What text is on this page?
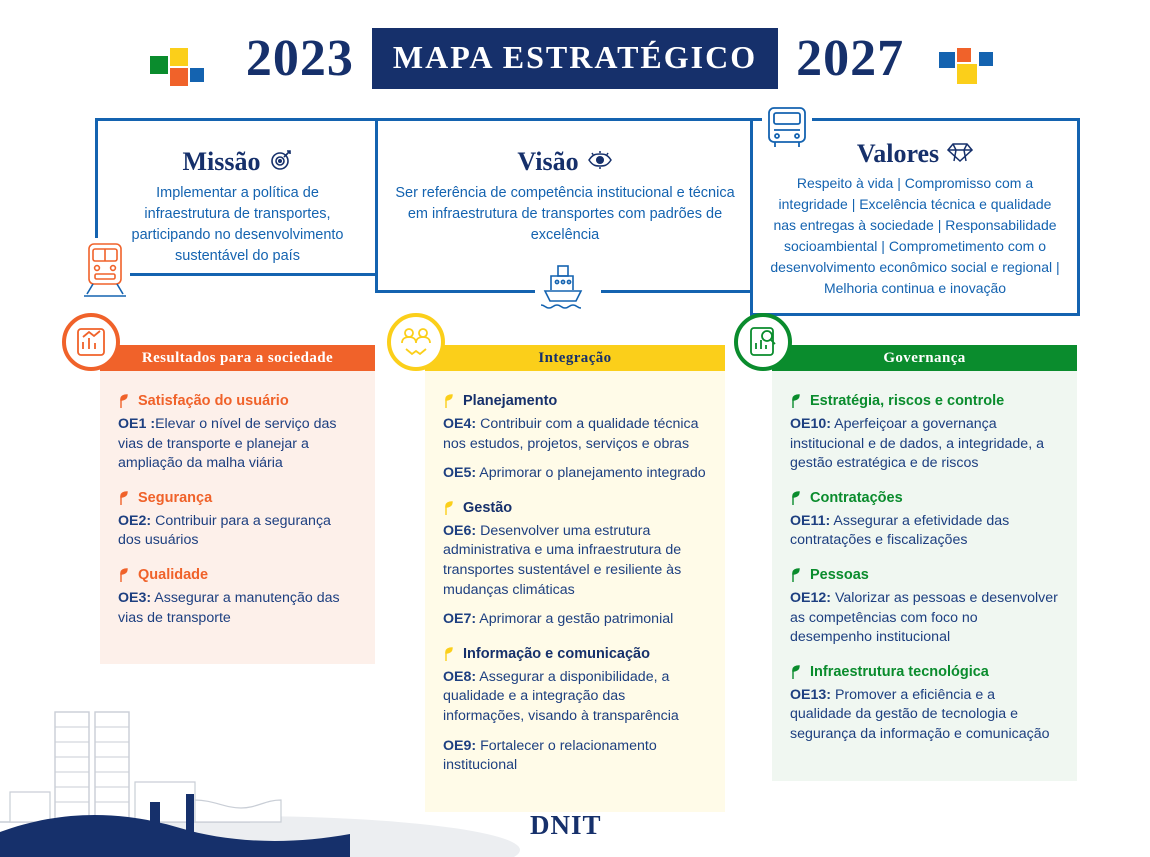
2023	MAPA ESTRATÉGICO 2027
Missão
Implementar a política de infraestrutura de transportes, participando no desenvolvimento sustentável do país
Visão
Ser referência de competência institucional e técnica em infraestrutura de transportes com padrões de excelência
Valores
Respeito à vida | Compromisso com a integridade | Excelência técnica e qualidade nas entregas à sociedade | Responsabilidade socioambiental | Comprometimento com o desenvolvimento econômico social e regional | Melhoria continua e inovação
Resultados para a sociedade
Satisfação do usuário
OE1 :Elevar o nível de serviço das vias de transporte e planejar a ampliação da malha viária
Segurança
OE2: Contribuir para a segurança dos usuários
Qualidade
OE3: Assegurar a manutenção das vias de transporte
Integração
Planejamento
OE4: Contribuir com a qualidade técnica nos estudos, projetos, serviços e obras
OE5: Aprimorar o planejamento integrado
Gestão
OE6: Desenvolver uma estrutura administrativa e uma infraestrutura de transportes sustentável e resiliente às mudanças climáticas
OE7: Aprimorar a gestão patrimonial
Informação e comunicação
OE8: Assegurar a disponibilidade, a qualidade e a integração das informações, visando à transparência
OE9: Fortalecer o relacionamento institucional
Governança
Estratégia, riscos e controle
OE10: Aperfeiçoar a governança institucional e de dados, a integridade, a gestão estratégica e de riscos
Contratações
OE11: Assegurar a efetividade das contratações e fiscalizações
Pessoas
OE12: Valorizar as pessoas e desenvolver as competências com foco no desempenho institucional
Infraestrutura tecnológica
OE13: Promover a eficiência e a qualidade da gestão de tecnologia e segurança da informação e comunicação
DNIT
